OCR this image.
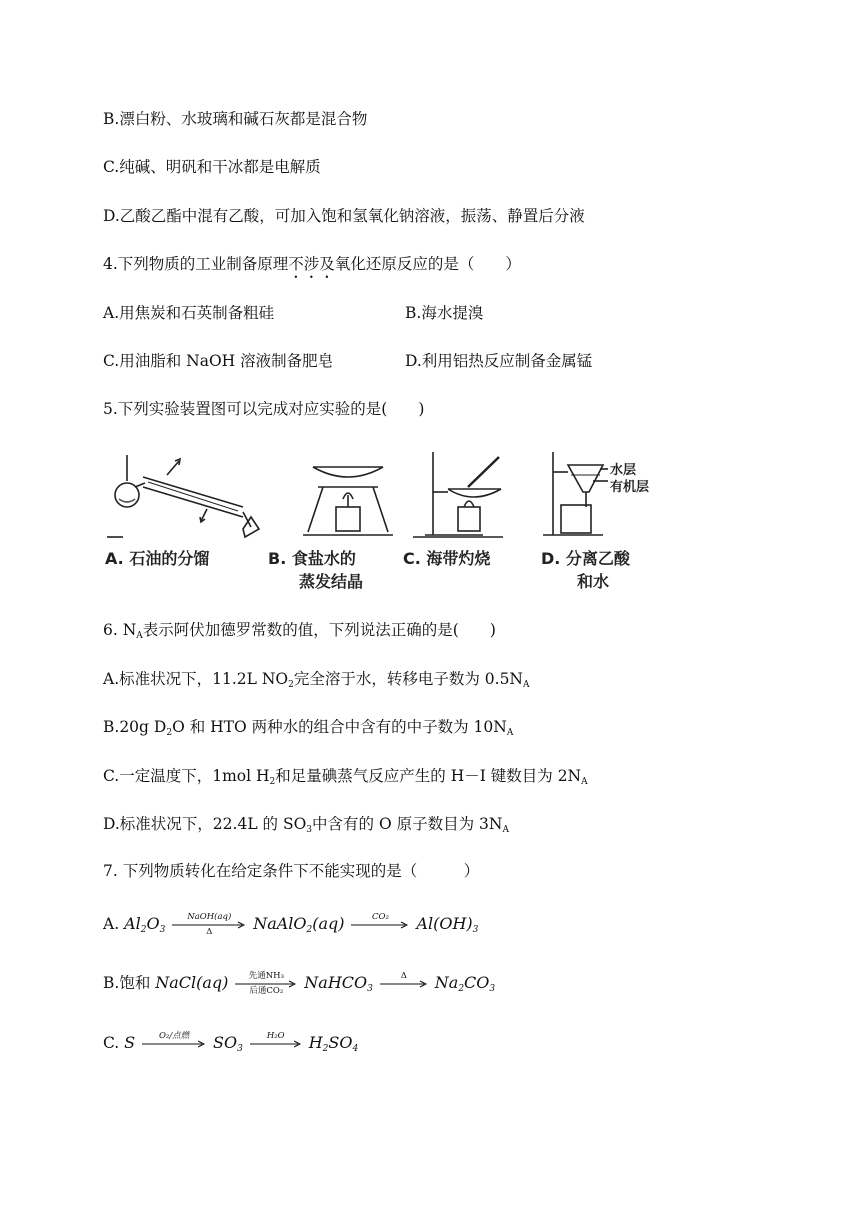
B.漂白粉、水玻璃和碱石灰都是混合物
C.纯碱、明矾和干冰都是电解质
D.乙酸乙酯中混有乙酸，可加入饱和氢氧化钠溶液，振荡、静置后分液
4.下列物质的工业制备原理不涉及氧化还原反应的是（　　）
A.用焦炭和石英制备粗硅	B.海水提溴
C.用油脂和 NaOH 溶液制备肥皂	D.利用铝热反应制备金属锰
5.下列实验装置图可以完成对应实验的是(　　)
水层
有机层
A. 石油的分馏	B. 食盐水的
蒸发结晶
C. 海带灼烧	D. 分离乙酸
和水
6. $N_A$表示阿伏加德罗常数的值，下列说法正确的是(　　)
A.标准状况下，11.2L $NO_2$完全溶于水，转移电子数为 $0.5N_A$
B.20g $D_2O$ 和 HTO 两种水的组合中含有的中子数为 $10N_A$
C.一定温度下，1mol $H_2$和足量碘蒸气反应产生的 H－I 键数目为 $2N_A$
D.标准状况下，22.4L 的 $SO_3$中含有的 O 原子数目为 $3N_A$
7. 下列物质转化在给定条件下不能实现的是（　　　）
A. $Al_2O_3$
NaOH(aq)
Δ	NaAlO$_2$(aq)	CO₂	$Al(OH)_3$
B.饱和 NaCl(aq)	先通NH₃
后通CO₂	NaHCO$_3$
Δ	$Na_2CO_3$
C. S	O₂/点燃	$SO_3$
H₂O	$H_2SO_4$
